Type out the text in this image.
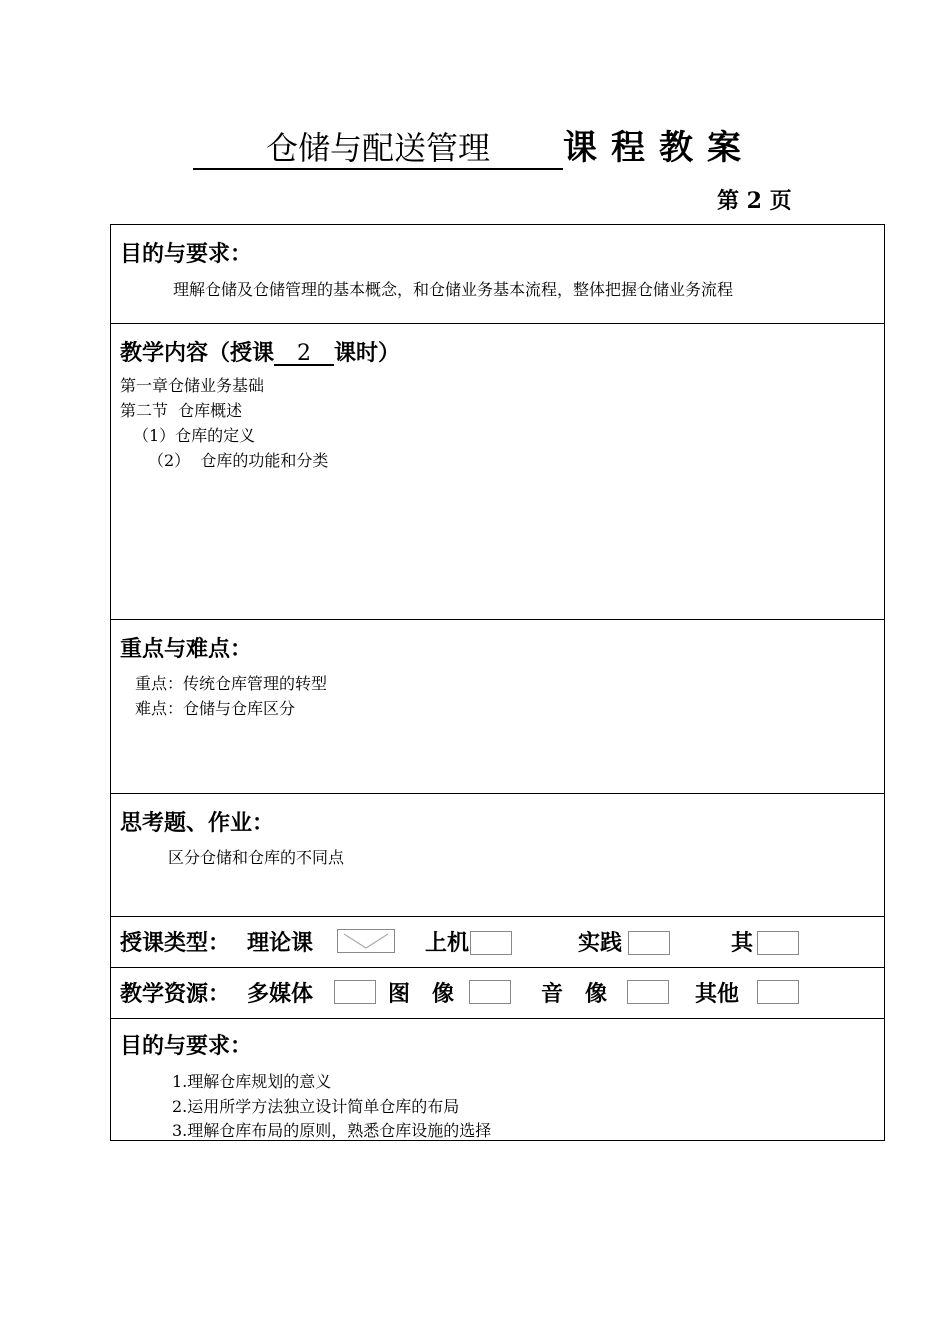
仓储与配送管理	课程教案
第 2 页
目的与要求：
理解仓储及仓储管理的基本概念，和仓储业务基本流程，整体把握仓储业务流程
教学内容（授课 2 课时）
第一章仓储业务基础
第二节  仓库概述
（1）仓库的定义
（2）  仓库的功能和分类
重点与难点：
重点：传统仓库管理的转型
难点：仓储与仓库区分
思考题、作业：
区分仓储和仓库的不同点
授课类型： 理论课	上机	实践	其
教学资源： 多媒体	图　像	音　像	其他
目的与要求：
1.理解仓库规划的意义
2.运用所学方法独立设计简单仓库的布局
3.理解仓库布局的原则，熟悉仓库设施的选择
